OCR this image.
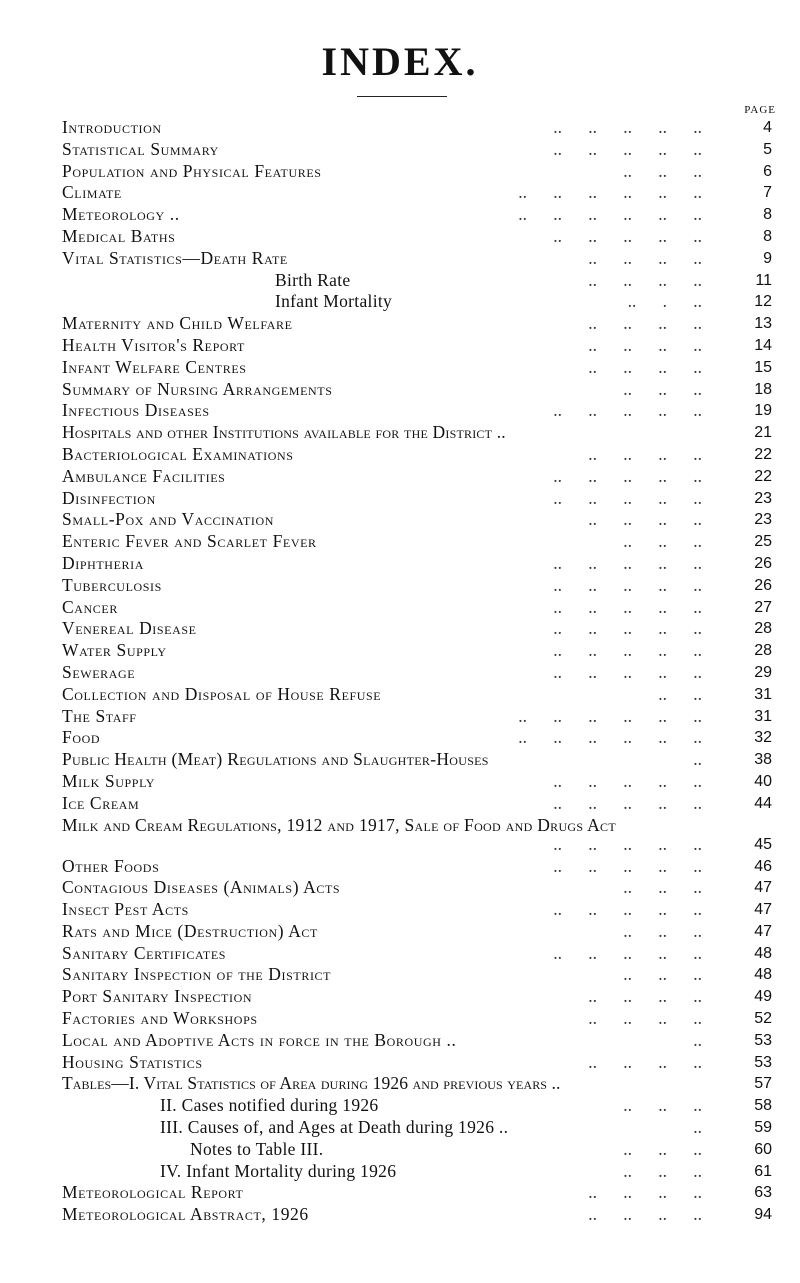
INDEX.
PAGE
Introduction	..      ..      ..      ..      ..	4
Statistical Summary	..      ..      ..      ..      ..	5
Population and Physical Features	..      ..      ..	6
Climate	..      ..      ..      ..      ..      ..	7
Meteorology ..	..      ..      ..      ..      ..      ..	8
Medical Baths	..      ..      ..      ..      ..	8
Vital Statistics—Death Rate	..      ..      ..      ..	9
Birth Rate	..      ..      ..      ..	11
Infant Mortality	..      .      ..	12
Maternity and Child Welfare	..      ..      ..      ..	13
Health Visitor's Report	..      ..      ..      ..	14
Infant Welfare Centres	..      ..      ..      ..	15
Summary of Nursing Arrangements	..      ..      ..	18
Infectious Diseases	..      ..      ..      ..      ..	19
Hospitals and other Institutions available for the District ..	21
Bacteriological Examinations	..      ..      ..      ..	22
Ambulance Facilities	..      ..      ..      ..      ..	22
Disinfection	..      ..      ..      ..      ..	23
Small-Pox and Vaccination	..      ..      ..      ..	23
Enteric Fever and Scarlet Fever	..      ..      ..	25
Diphtheria	..      ..      ..      ..      ..	26
Tuberculosis	..      ..      ..      ..      ..	26
Cancer	..      ..      ..      ..      ..	27
Venereal Disease	..      ..      ..      ..      ..	28
Water Supply	..      ..      ..      ..      ..	28
Sewerage	..      ..      ..      ..      ..	29
Collection and Disposal of House Refuse	..      ..	31
The Staff	..      ..      ..      ..      ..      ..	31
Food	..      ..      ..      ..      ..      ..	32
Public Health (Meat) Regulations and Slaughter-Houses	..	38
Milk Supply	..      ..      ..      ..      ..	40
Ice Cream	..      ..      ..      ..      ..	44
Milk and Cream Regulations, 1912 and 1917, Sale of Food and Drugs Act
..      ..      ..      ..      ..	45
Other Foods	..      ..      ..      ..      ..	46
Contagious Diseases (Animals) Acts	..      ..      ..	47
Insect Pest Acts	..      ..      ..      ..      ..	47
Rats and Mice (Destruction) Act	..      ..      ..	47
Sanitary Certificates	..      ..      ..      ..      ..	48
Sanitary Inspection of the District	..      ..      ..	48
Port Sanitary Inspection	..      ..      ..      ..	49
Factories and Workshops	..      ..      ..      ..	52
Local and Adoptive Acts in force in the Borough ..	..	53
Housing Statistics	..      ..      ..      ..	53
Tables—I. Vital Statistics of Area during 1926 and previous years ..	57
II. Cases notified during 1926	..      ..      ..	58
III. Causes of, and Ages at Death during 1926 ..	..	59
Notes to Table III.	..      ..      ..	60
IV. Infant Mortality during 1926	..      ..      ..	61
Meteorological Report	..      ..      ..      ..	63
Meteorological Abstract, 1926	..      ..      ..      ..	94
